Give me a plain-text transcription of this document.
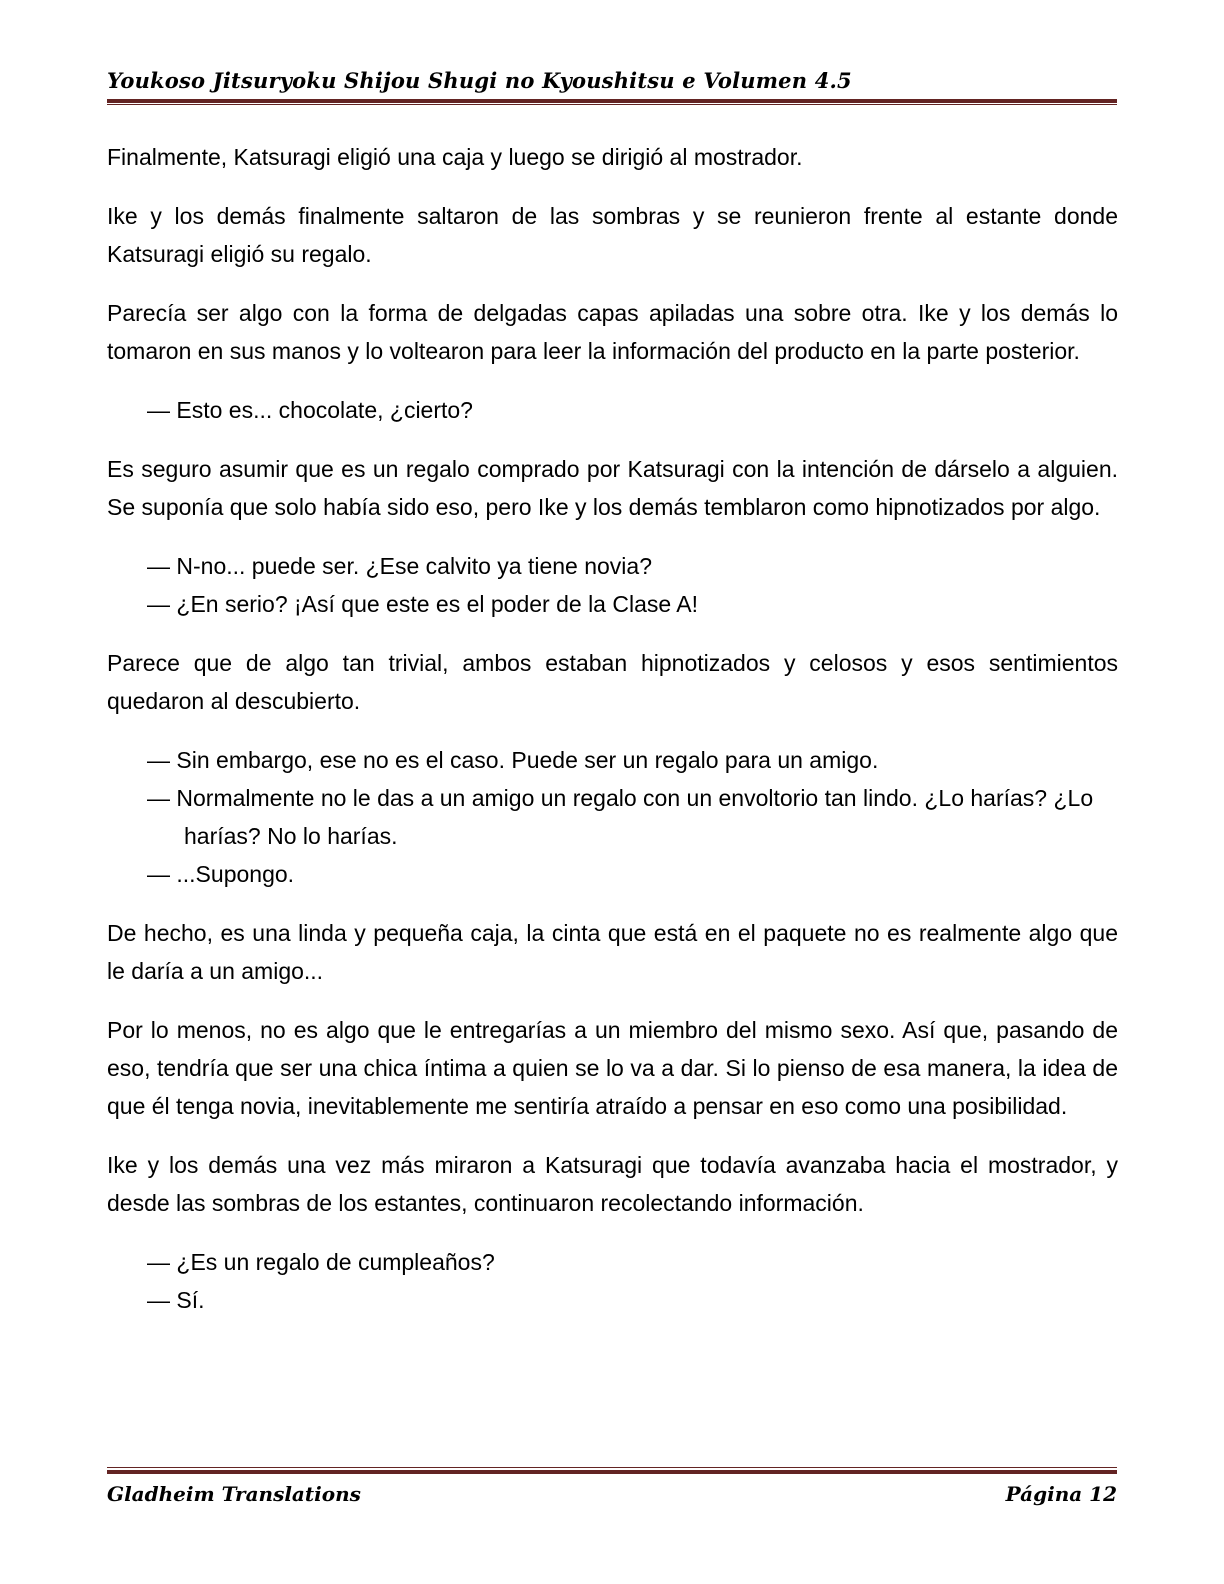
Youkoso Jitsuryoku Shijou Shugi no Kyoushitsu e Volumen 4.5

Finalmente, Katsuragi eligió una caja y luego se dirigió al mostrador.

Ike y los demás finalmente saltaron de las sombras y se reunieron frente al estante donde Katsuragi eligió su regalo.

Parecía ser algo con la forma de delgadas capas apiladas una sobre otra. Ike y los demás lo tomaron en sus manos y lo voltearon para leer la información del producto en la parte posterior.

— Esto es... chocolate, ¿cierto?

Es seguro asumir que es un regalo comprado por Katsuragi con la intención de dárselo a alguien. Se suponía que solo había sido eso, pero Ike y los demás temblaron como hipnotizados por algo.

— N-no... puede ser. ¿Ese calvito ya tiene novia?

— ¿En serio? ¡Así que este es el poder de la Clase A!

Parece que de algo tan trivial, ambos estaban hipnotizados y celosos y esos sentimientos quedaron al descubierto.

— Sin embargo, ese no es el caso. Puede ser un regalo para un amigo.

— Normalmente no le das a un amigo un regalo con un envoltorio tan lindo. ¿Lo harías? ¿Lo harías? No lo harías.

— ...Supongo.

De hecho, es una linda y pequeña caja, la cinta que está en el paquete no es realmente algo que le daría a un amigo...

Por lo menos, no es algo que le entregarías a un miembro del mismo sexo. Así que, pasando de eso, tendría que ser una chica íntima a quien se lo va a dar. Si lo pienso de esa manera, la idea de que él tenga novia, inevitablemente me sentiría atraído a pensar en eso como una posibilidad.

Ike y los demás una vez más miraron a Katsuragi que todavía avanzaba hacia el mostrador, y desde las sombras de los estantes, continuaron recolectando información.

— ¿Es un regalo de cumpleaños?

— Sí.

Gladheim Translations	Página 12
